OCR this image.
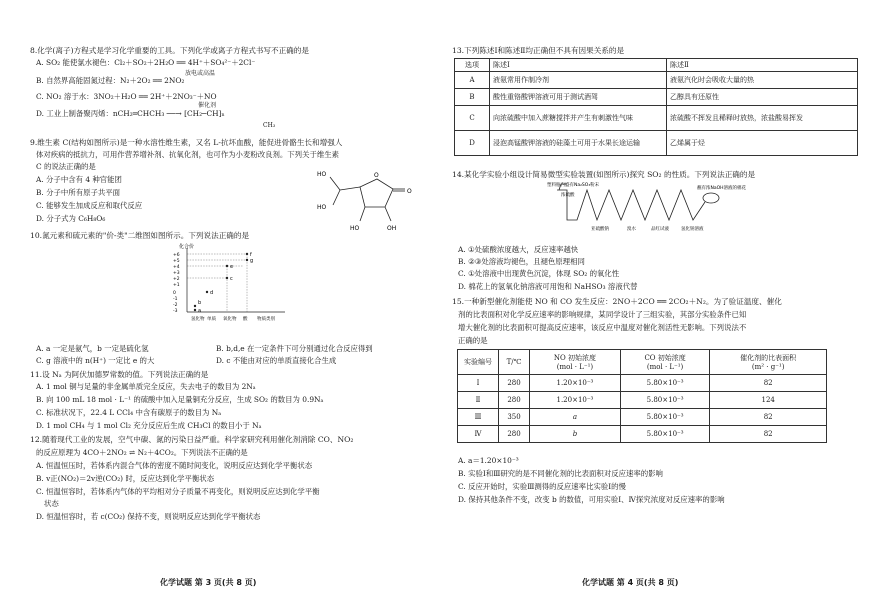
8.化学(离子)方程式是学习化学重要的工具。下列化学或离子方程式书写不正确的是
A. SO₂ 能使氯水褪色：Cl₂＋SO₂＋2H₂O ══ 4H⁺＋SO₄²⁻＋2Cl⁻
放电或高温
B. 自然界高能固氮过程：N₂＋2O₂ ══ 2NO₂
C. NO₂ 溶于水：3NO₂＋H₂O ══ 2H⁺＋2NO₃⁻＋NO
催化剂
D. 工业上制备聚丙烯：nCH₂═CHCH₃ ──→ [CH₂─CH]ₙ
CH₃
9.维生素 C(结构如图所示)是一种水溶性维生素，又名 L-抗坏血酸，能促进骨骼生长和增强人
体对疾病的抵抗力，可用作营养增补剂、抗氧化剂，也可作为小麦粉改良剂。下列关于维生素
C 的说法正确的是
A. 分子中含有 4 种官能团
B. 分子中所有原子共平面
C. 能够发生加成反应和取代反应
D. 分子式为 C₆H₈O₆
HO
HO
O
O
HO	OH
10.氮元素和硫元素的"价-类"二维图如图所示。下列说法正确的是
化合价
+6
+5
+4
+3
+2
+1
0
-1
-2
-3
f
g
e
c
d
b
a
氢化物 单质 氧化物 酸 物质类别
A. a 一定是氨气，b 一定是硫化氢	B. b,d,e 在一定条件下可分别通过化合反应得到
C. g 溶液中的 n(H⁺) 一定比 e 的大	D. c 不能由对应的单质直接化合生成
11.设 Nₐ 为阿伏加德罗常数的值。下列说法正确的是
A. 1 mol 铜与足量的非金属单质完全反应，失去电子的数目为 2Nₐ
B. 向 100 mL 18 mol · L⁻¹ 的硫酸中加入足量铜充分反应，生成 SO₂ 的数目为 0.9Nₐ
C. 标准状况下，22.4 L CCl₄ 中含有碳原子的数目为 Nₐ
D. 1 mol CH₄ 与 1 mol Cl₂ 充分反应后生成 CH₃Cl 的数目小于 Nₐ
12.随着现代工业的发展，空气中碳、氮的污染日益严重。科学家研究利用催化剂消除 CO、NO₂
的反应原理为 4CO＋2NO₂ ⇌ N₂＋4CO₂。下列说法不正确的是
A. 恒温恒压时，若体系内混合气体的密度不随时间变化，说明反应达到化学平衡状态
B. v正(NO₂)＝2v逆(CO₂) 时，反应达到化学平衡状态
C. 恒温恒容时，若体系内气体的平均相对分子质量不再变化，则说明反应达到化学平衡
状态
D. 恒温恒容时，若 c(CO₂) 保持不变，则说明反应达到化学平衡状态
化学试题 第 3 页(共 8 页)
13.下列陈述Ⅰ和陈述Ⅱ均正确但不具有因果关系的是
选项	陈述Ⅰ	陈述Ⅱ
A	液氨常用作制冷剂	液氨汽化时会吸收大量的热
B	酸性重铬酸钾溶液可用于测试酒驾	乙醇具有还原性
C	向浓硫酸中加入蔗糖搅拌并产生有刺激性气味	浓硫酸不挥发且稀释时放热，浓盐酸易挥发
D	浸泡高锰酸钾溶液的硅藻土可用于水果长途运输	乙烯属于烃
14.某化学实验小组设计简易微型实验装置(如图所示)探究 SO₂ 的性质。下列说法正确的是
塑料瓶内盛有Na₂SO₃粉末
浓硫酸
亚硫酸钠	溴水	品红试液	氢化钠溶液
蘸有浓NaOH溶液的棉花
A. ①处硫酸浓度越大，反应速率越快
B. ②③处溶液均褪色，且褪色原理相同
C. ①处溶液中出现黄色沉淀，体现 SO₂ 的氧化性
D. 棉花上的氢氧化钠溶液可用饱和 NaHSO₃ 溶液代替
15.一种新型催化剂能使 NO 和 CO 发生反应：2NO＋2CO ══ 2CO₂＋N₂。为了验证温度、催化
剂的比表面积对化学反应速率的影响规律，某同学设计了三组实验，其部分实验条件已知
增大催化剂的比表面积可提高反应速率，该反应中温度对催化剂活性无影响。下列说法不
正确的是
实验编号	T/℃	NO 初始浓度
(mol · L⁻¹)	CO 初始浓度
(mol · L⁻¹)	催化剂的比表面积
(m² · g⁻¹)
Ⅰ	280	1.20×10⁻³	5.80×10⁻³	82
Ⅱ	280	1.20×10⁻³	5.80×10⁻³	124
Ⅲ	350	a	5.80×10⁻³	82
Ⅳ	280	b	5.80×10⁻³	82
A. a＝1.20×10⁻³
B. 实验Ⅰ和Ⅲ研究的是不同催化剂的比表面积对反应速率的影响
C. 反应开始时，实验Ⅲ测得的反应速率比实验Ⅰ的慢
D. 保持其他条件不变，改变 b 的数值，可用实验Ⅰ、Ⅳ探究浓度对反应速率的影响
化学试题 第 4 页(共 8 页)
